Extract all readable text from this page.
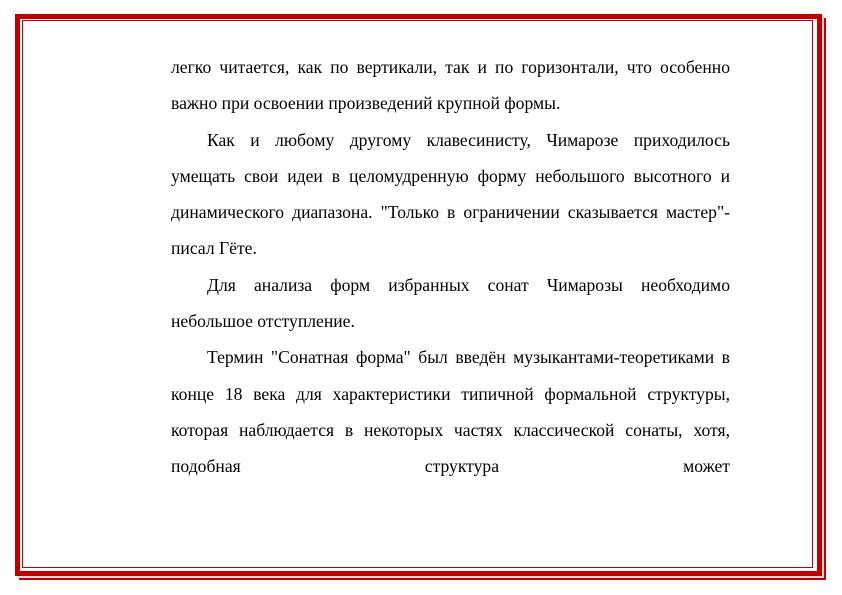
легко читается, как по вертикали, так и по горизонтали, что особенно важно при освоении произведений крупной формы.

Как и любому другому клавесинисту, Чимарозе приходилось умещать свои идеи в целомудренную форму небольшого высотного и динамического диапазона. "Только в ограничении сказывается мастер"- писал Гёте.

Для анализа форм избранных сонат Чимарозы необходимо небольшое отступление.

Термин "Сонатная форма" был введён музыкантами-теоретиками в конце 18 века для характеристики типичной формальной структуры, которая наблюдается в некоторых частях классической сонаты, хотя, подобная структура может
